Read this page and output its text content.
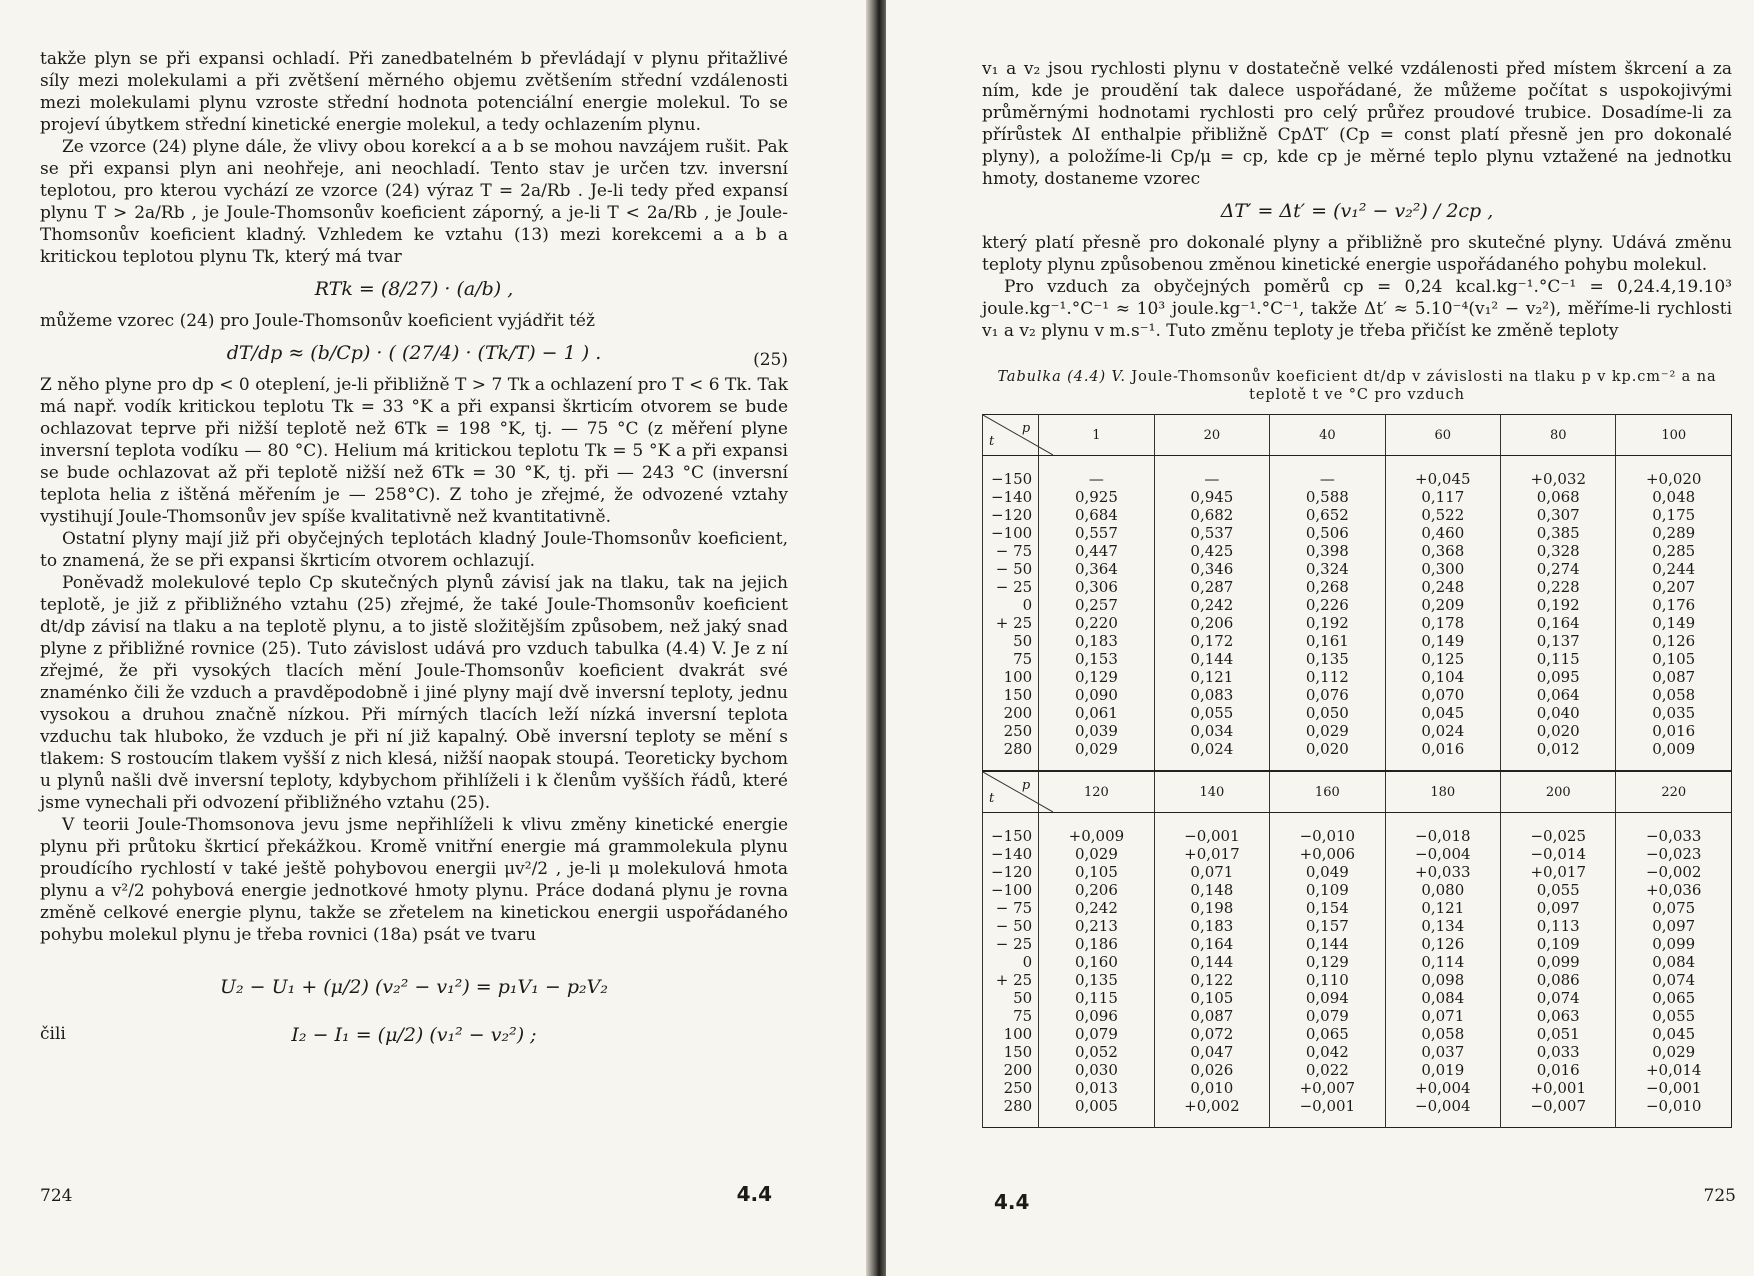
takže plyn se při expansi ochladí. Při zanedbatelném b převládají v plynu přitažlivé síly mezi molekulami a při zvětšení měrného objemu zvětšením střední vzdálenosti mezi molekulami plynu vzroste střední hodnota potenciální energie molekul. To se projeví úbytkem střední kinetické energie molekul, a tedy ochlazením plynu.

Ze vzorce (24) plyne dále, že vlivy obou korekcí a a b se mohou navzájem rušit. Pak se při expansi plyn ani neohřeje, ani neochladí. Tento stav je určen tzv. inversní teplotou, pro kterou vychází ze vzorce (24) výraz T = 2a/Rb . Je-li tedy před expansí plynu T > 2a/Rb , je Joule-Thomsonův koeficient záporný, a je-li T < 2a/Rb , je Joule-Thomsonův koeficient kladný. Vzhledem ke vztahu (13) mezi korekcemi a a b a kritickou teplotou plynu Tk, který má tvar

RTk = (8/27) · (a/b) ,

můžeme vzorec (24) pro Joule-Thomsonův koeficient vyjádřit též

dT/dp ≈ (b/Cp) · ( (27/4) · (Tk/T) − 1 ) .	(25)

Z něho plyne pro dp < 0 oteplení, je-li přibližně T > 7 Tk a ochlazení pro T < 6 Tk. Tak má např. vodík kritickou teplotu Tk = 33 °K a při expansi škrticím otvorem se bude ochlazovat teprve při nižší teplotě než 6Tk = 198 °K, tj. — 75 °C (z měření plyne inversní teplota vodíku — 80 °C). Helium má kritickou teplotu Tk = 5 °K a při expansi se bude ochlazovat až při teplotě nižší než 6Tk = 30 °K, tj. při — 243 °C (inversní teplota helia z ištěná měřením je — 258°C). Z toho je zřejmé, že odvozené vztahy vystihují Joule-Thomsonův jev spíše kvalitativně než kvantitativně.

Ostatní plyny mají již při obyčejných teplotách kladný Joule-Thomsonův koeficient, to znamená, že se při expansi škrticím otvorem ochlazují.

Poněvadž molekulové teplo Cp skutečných plynů závisí jak na tlaku, tak na jejich teplotě, je již z přibližného vztahu (25) zřejmé, že také Joule-Thomsonův koeficient dt/dp závisí na tlaku a na teplotě plynu, a to jistě složitějším způsobem, než jaký snad plyne z přibližné rovnice (25). Tuto závislost udává pro vzduch tabulka (4.4) V. Je z ní zřejmé, že při vysokých tlacích mění Joule-Thomsonův koeficient dvakrát své znaménko čili že vzduch a pravděpodobně i jiné plyny mají dvě inversní teploty, jednu vysokou a druhou značně nízkou. Při mírných tlacích leží nízká inversní teplota vzduchu tak hluboko, že vzduch je při ní již kapalný. Obě inversní teploty se mění s tlakem: S rostoucím tlakem vyšší z nich klesá, nižší naopak stoupá. Teoreticky bychom u plynů našli dvě inversní teploty, kdybychom přihlíželi i k členům vyšších řádů, které jsme vynechali při odvození přibližného vztahu (25).

V teorii Joule-Thomsonova jevu jsme nepřihlíželi k vlivu změny kinetické energie plynu při průtoku škrticí překážkou. Kromě vnitřní energie má grammolekula plynu proudícího rychlostí v také ještě pohybovou energii μv²/2 , je-li μ molekulová hmota plynu a v²/2 pohybová energie jednotkové hmoty plynu. Práce dodaná plynu je rovna změně celkové energie plynu, takže se zřetelem na kinetickou energii uspořádaného pohybu molekul plynu je třeba rovnici (18a) psát ve tvaru

U₂ − U₁ + (μ/2) (v₂² − v₁²) = p₁V₁ − p₂V₂
čili	I₂ − I₁ = (μ/2) (v₁² − v₂²) ;
724	4.4

v₁ a v₂ jsou rychlosti plynu v dostatečně velké vzdálenosti před místem škrcení a za ním, kde je proudění tak dalece uspořádané, že můžeme počítat s uspokojivými průměrnými hodnotami rychlosti pro celý průřez proudové trubice. Dosadíme-li za přírůstek ΔI enthalpie přibližně CpΔT′ (Cp = const platí přesně jen pro dokonalé plyny), a položíme-li Cp/μ = cp, kde cp je měrné teplo plynu vztažené na jednotku hmoty, dostaneme vzorec

ΔT′ = Δt′ = (v₁² − v₂²) / 2cp ,

který platí přesně pro dokonalé plyny a přibližně pro skutečné plyny. Udává změnu teploty plynu způsobenou změnou kinetické energie uspořádaného pohybu molekul.

Pro vzduch za obyčejných poměrů cp = 0,24 kcal.kg⁻¹.°C⁻¹ = 0,24.4,19.10³ joule.kg⁻¹.°C⁻¹ ≈ 10³ joule.kg⁻¹.°C⁻¹, takže Δt′ ≈ 5.10⁻⁴(v₁² − v₂²), měříme-li rychlosti v₁ a v₂ plynu v m.s⁻¹. Tuto změnu teploty je třeba přičíst ke změně teploty

Tabulka (4.4) V. Joule-Thomsonův koeficient dt/dp v závislosti na tlaku p v kp.cm⁻² a na teplotě t ve °C pro vzduch
p
t	1	20	40	60	80	100
−150	—	—	—	+0,045	+0,032	+0,020
−140	0,925	0,945	0,588	0,117	0,068	0,048
−120	0,684	0,682	0,652	0,522	0,307	0,175
−100	0,557	0,537	0,506	0,460	0,385	0,289
− 75	0,447	0,425	0,398	0,368	0,328	0,285
− 50	0,364	0,346	0,324	0,300	0,274	0,244
− 25	0,306	0,287	0,268	0,248	0,228	0,207
0	0,257	0,242	0,226	0,209	0,192	0,176
+ 25	0,220	0,206	0,192	0,178	0,164	0,149
50	0,183	0,172	0,161	0,149	0,137	0,126
75	0,153	0,144	0,135	0,125	0,115	0,105
100	0,129	0,121	0,112	0,104	0,095	0,087
150	0,090	0,083	0,076	0,070	0,064	0,058
200	0,061	0,055	0,050	0,045	0,040	0,035
250	0,039	0,034	0,029	0,024	0,020	0,016
280	0,029	0,024	0,020	0,016	0,012	0,009

p
t	120	140	160	180	200	220
−150	+0,009	−0,001	−0,010	−0,018	−0,025	−0,033
−140	0,029	+0,017	+0,006	−0,004	−0,014	−0,023
−120	0,105	0,071	0,049	+0,033	+0,017	−0,002
−100	0,206	0,148	0,109	0,080	0,055	+0,036
− 75	0,242	0,198	0,154	0,121	0,097	0,075
− 50	0,213	0,183	0,157	0,134	0,113	0,097
− 25	0,186	0,164	0,144	0,126	0,109	0,099
0	0,160	0,144	0,129	0,114	0,099	0,084
+ 25	0,135	0,122	0,110	0,098	0,086	0,074
50	0,115	0,105	0,094	0,084	0,074	0,065
75	0,096	0,087	0,079	0,071	0,063	0,055
100	0,079	0,072	0,065	0,058	0,051	0,045
150	0,052	0,047	0,042	0,037	0,033	0,029
200	0,030	0,026	0,022	0,019	0,016	+0,014
250	0,013	0,010	+0,007	+0,004	+0,001	−0,001
280	0,005	+0,002	−0,001	−0,004	−0,007	−0,010
4.4	725
